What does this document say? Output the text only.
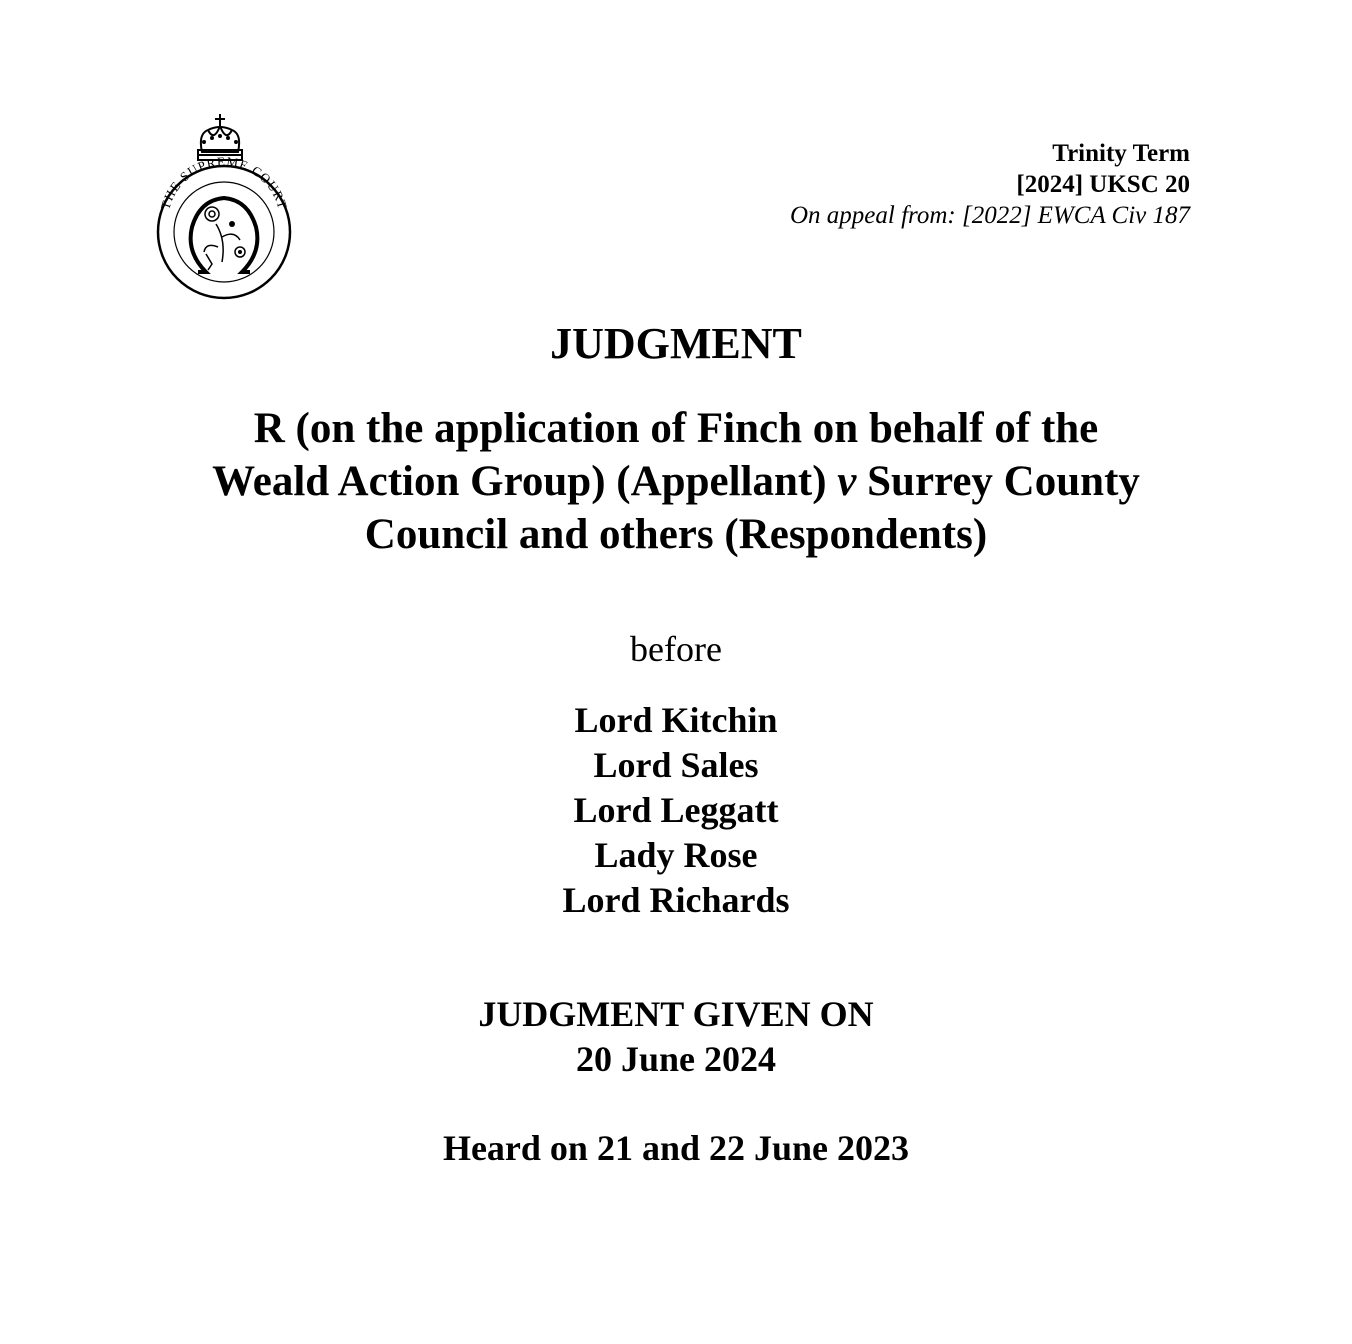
THE SUPREME COURT
Trinity Term
[2024] UKSC 20
On appeal from: [2022] EWCA Civ 187
JUDGMENT
R (on the application of Finch on behalf of the
Weald Action Group) (Appellant) v Surrey County
Council and others (Respondents)
before
Lord Kitchin
Lord Sales
Lord Leggatt
Lady Rose
Lord Richards
JUDGMENT GIVEN ON
20 June 2024
Heard on 21 and 22 June 2023
